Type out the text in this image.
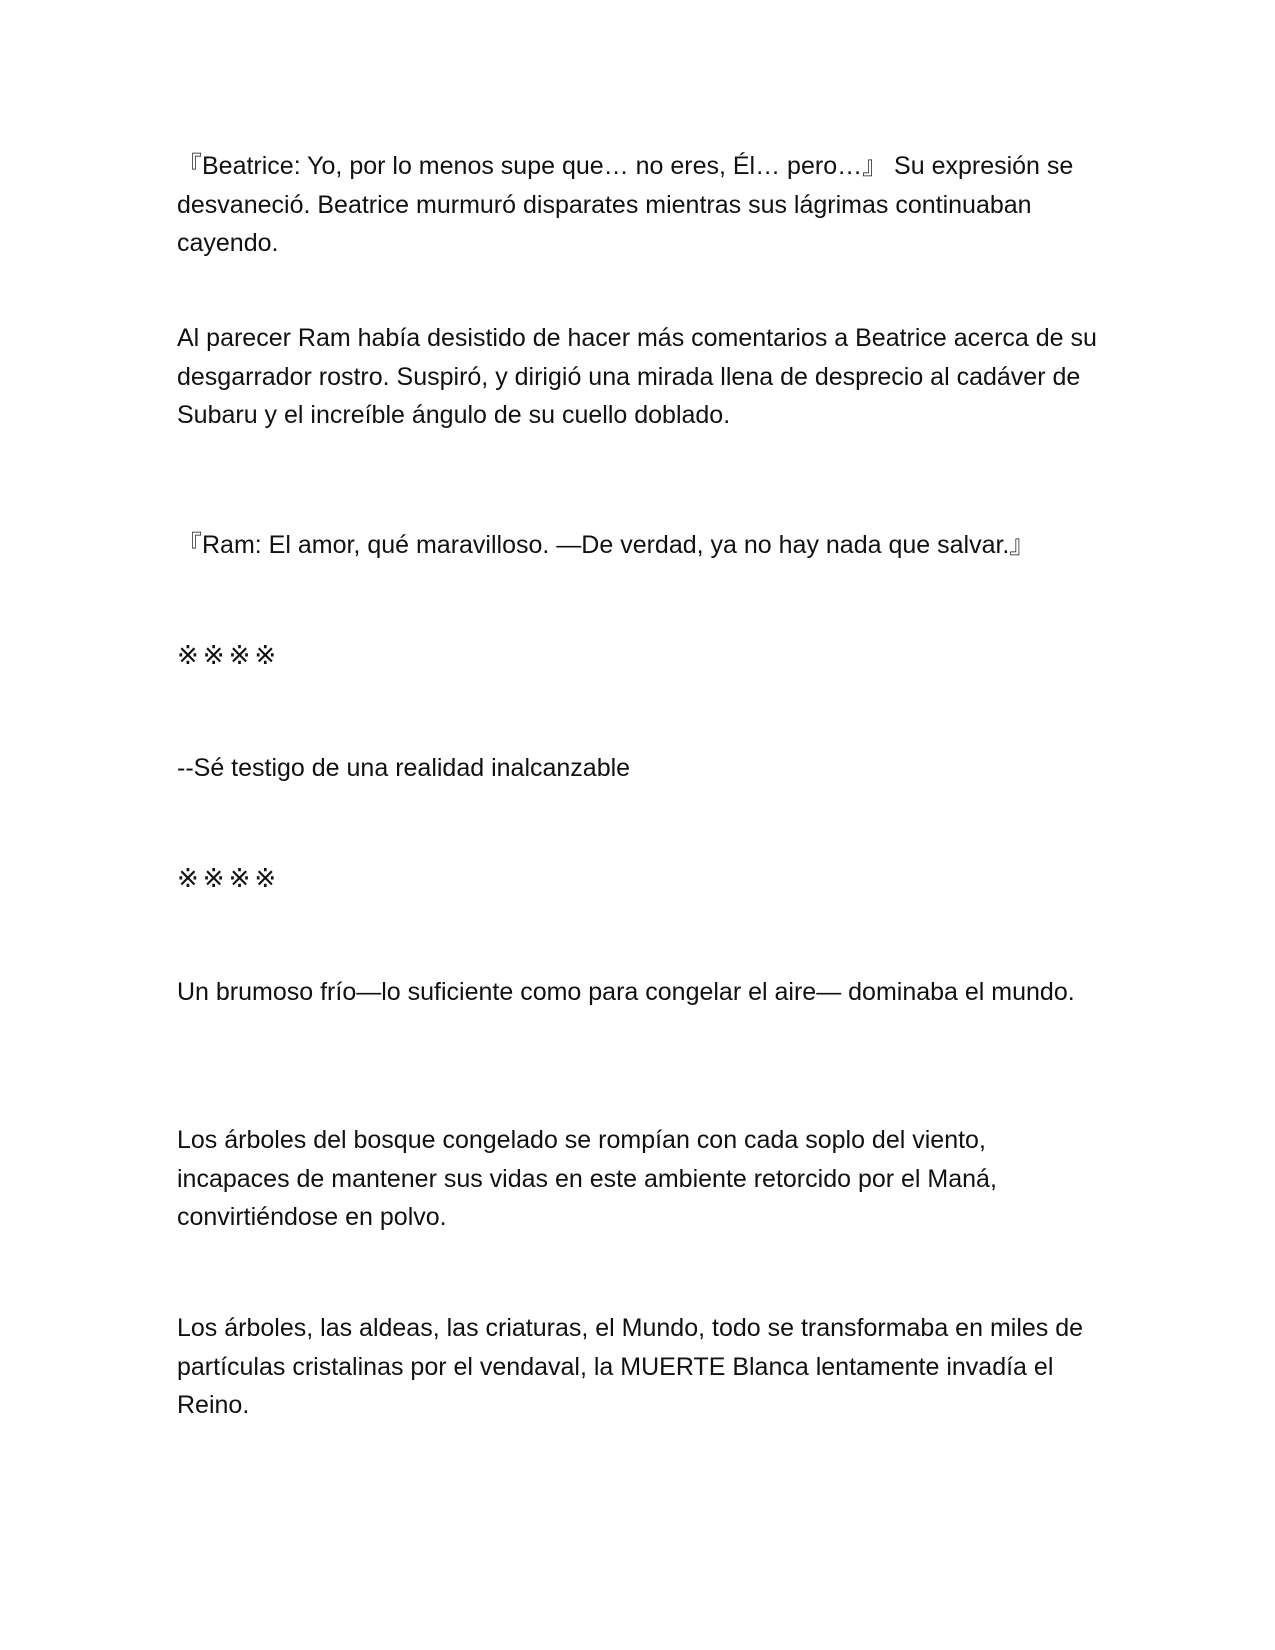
『Beatrice: Yo, por lo menos supe que… no eres, Él… pero…』 Su expresión se desvaneció. Beatrice murmuró disparates mientras sus lágrimas continuaban cayendo.

Al parecer Ram había desistido de hacer más comentarios a Beatrice acerca de su desgarrador rostro. Suspiró, y dirigió una mirada llena de desprecio al cadáver de Subaru y el increíble ángulo de su cuello doblado.

『Ram: El amor, qué maravilloso. —De verdad, ya no hay nada que salvar.』

※※※※

--Sé testigo de una realidad inalcanzable

※※※※

Un brumoso frío—lo suficiente como para congelar el aire— dominaba el mundo.

Los árboles del bosque congelado se rompían con cada soplo del viento, incapaces de mantener sus vidas en este ambiente retorcido por el Maná, convirtiéndose en polvo.

Los árboles, las aldeas, las criaturas, el Mundo, todo se transformaba en miles de partículas cristalinas por el vendaval, la MUERTE Blanca lentamente invadía el Reino.
